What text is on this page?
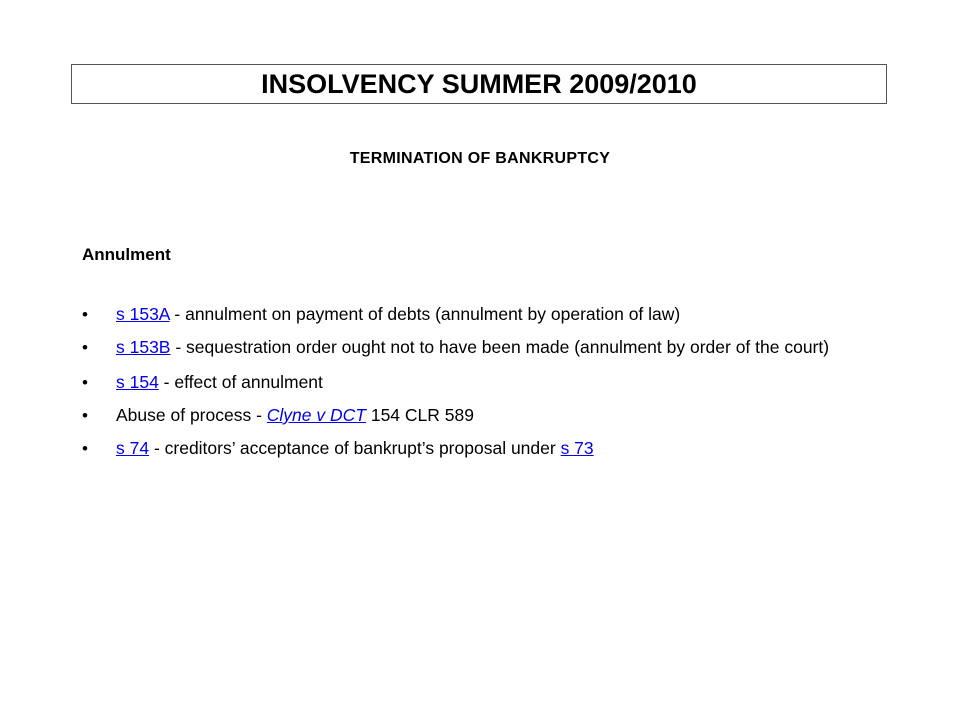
INSOLVENCY SUMMER 2009/2010
TERMINATION OF BANKRUPTCY
Annulment
• s 153A - annulment on payment of debts (annulment by operation of law)
• s 153B - sequestration order ought not to have been made (annulment by order of the court)
• s 154 - effect of annulment
• Abuse of process - Clyne v DCT 154 CLR 589
• s 74 - creditors’ acceptance of bankrupt’s proposal under s 73
